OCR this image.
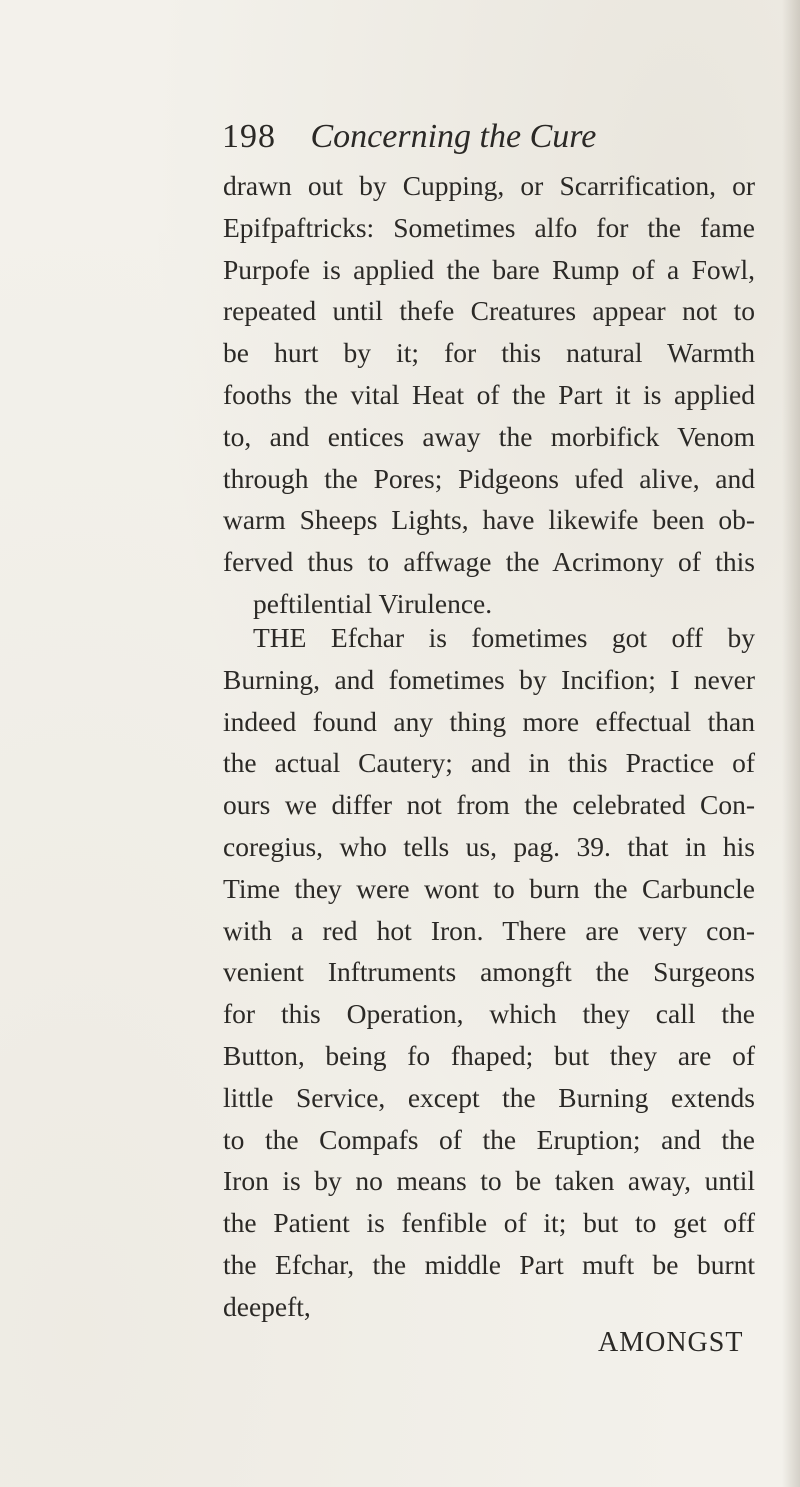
198 Concerning the Cure
drawn out by Cupping, or Scarrification, or
Epifpaftricks: Sometimes alfo for the fame
Purpofe is applied the bare Rump of a Fowl,
repeated until thefe Creatures appear not to
be hurt by it; for this natural Warmth
fooths the vital Heat of the Part it is applied
to, and entices away the morbifick Venom
through the Pores; Pidgeons ufed alive, and
warm Sheeps Lights, have likewife been ob-
ferved thus to affwage the Acrimony of this
peftilential Virulence.
THE Efchar is fometimes got off by
Burning, and fometimes by Incifion; I never
indeed found any thing more effectual than
the actual Cautery; and in this Practice of
ours we differ not from the celebrated Con-
coregius, who tells us, pag. 39. that in his
Time they were wont to burn the Carbuncle
with a red hot Iron. There are very con-
venient Inftruments amongft the Surgeons
for this Operation, which they call the
Button, being fo fhaped; but they are of
little Service, except the Burning extends
to the Compafs of the Eruption; and the
Iron is by no means to be taken away, until
the Patient is fenfible of it; but to get off
the Efchar, the middle Part muft be burnt
deepeft,
AMONGST
